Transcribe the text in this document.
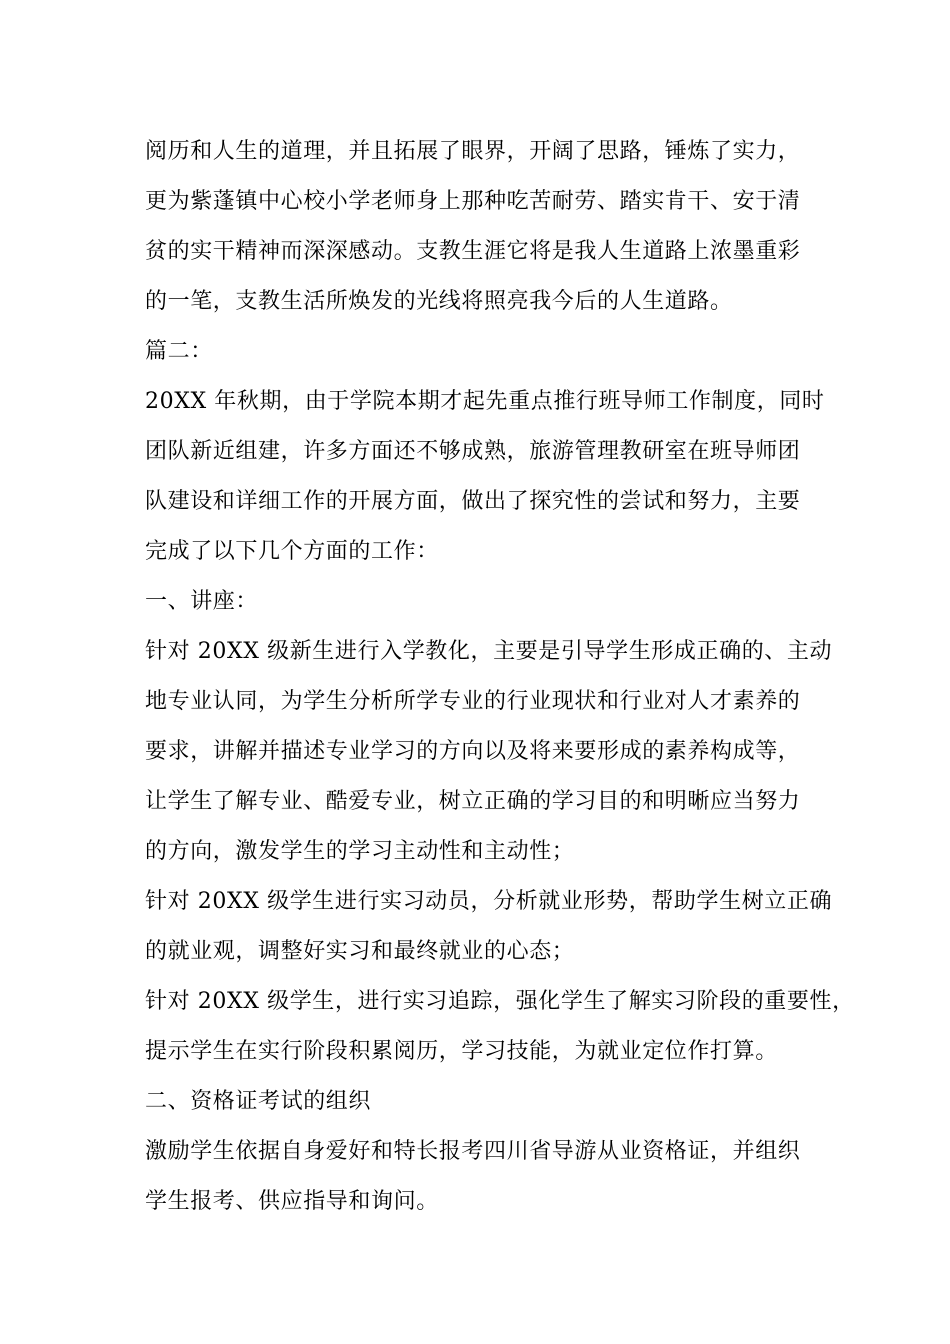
阅历和人生的道理，并且拓展了眼界，开阔了思路，锤炼了实力，
更为紫蓬镇中心校小学老师身上那种吃苦耐劳、踏实肯干、安于清
贫的实干精神而深深感动。支教生涯它将是我人生道路上浓墨重彩
的一笔，支教生活所焕发的光线将照亮我今后的人生道路。
篇二：
20XX 年秋期，由于学院本期才起先重点推行班导师工作制度，同时
团队新近组建，许多方面还不够成熟，旅游管理教研室在班导师团
队建设和详细工作的开展方面，做出了探究性的尝试和努力，主要
完成了以下几个方面的工作：
一、讲座：
针对 20XX 级新生进行入学教化，主要是引导学生形成正确的、主动
地专业认同，为学生分析所学专业的行业现状和行业对人才素养的
要求，讲解并描述专业学习的方向以及将来要形成的素养构成等，
让学生了解专业、酷爱专业，树立正确的学习目的和明晰应当努力
的方向，激发学生的学习主动性和主动性；
针对 20XX 级学生进行实习动员，分析就业形势，帮助学生树立正确
的就业观，调整好实习和最终就业的心态；
针对 20XX 级学生，进行实习追踪，强化学生了解实习阶段的重要性，
提示学生在实行阶段积累阅历，学习技能，为就业定位作打算。
二、资格证考试的组织
激励学生依据自身爱好和特长报考四川省导游从业资格证，并组织
学生报考、供应指导和询问。
